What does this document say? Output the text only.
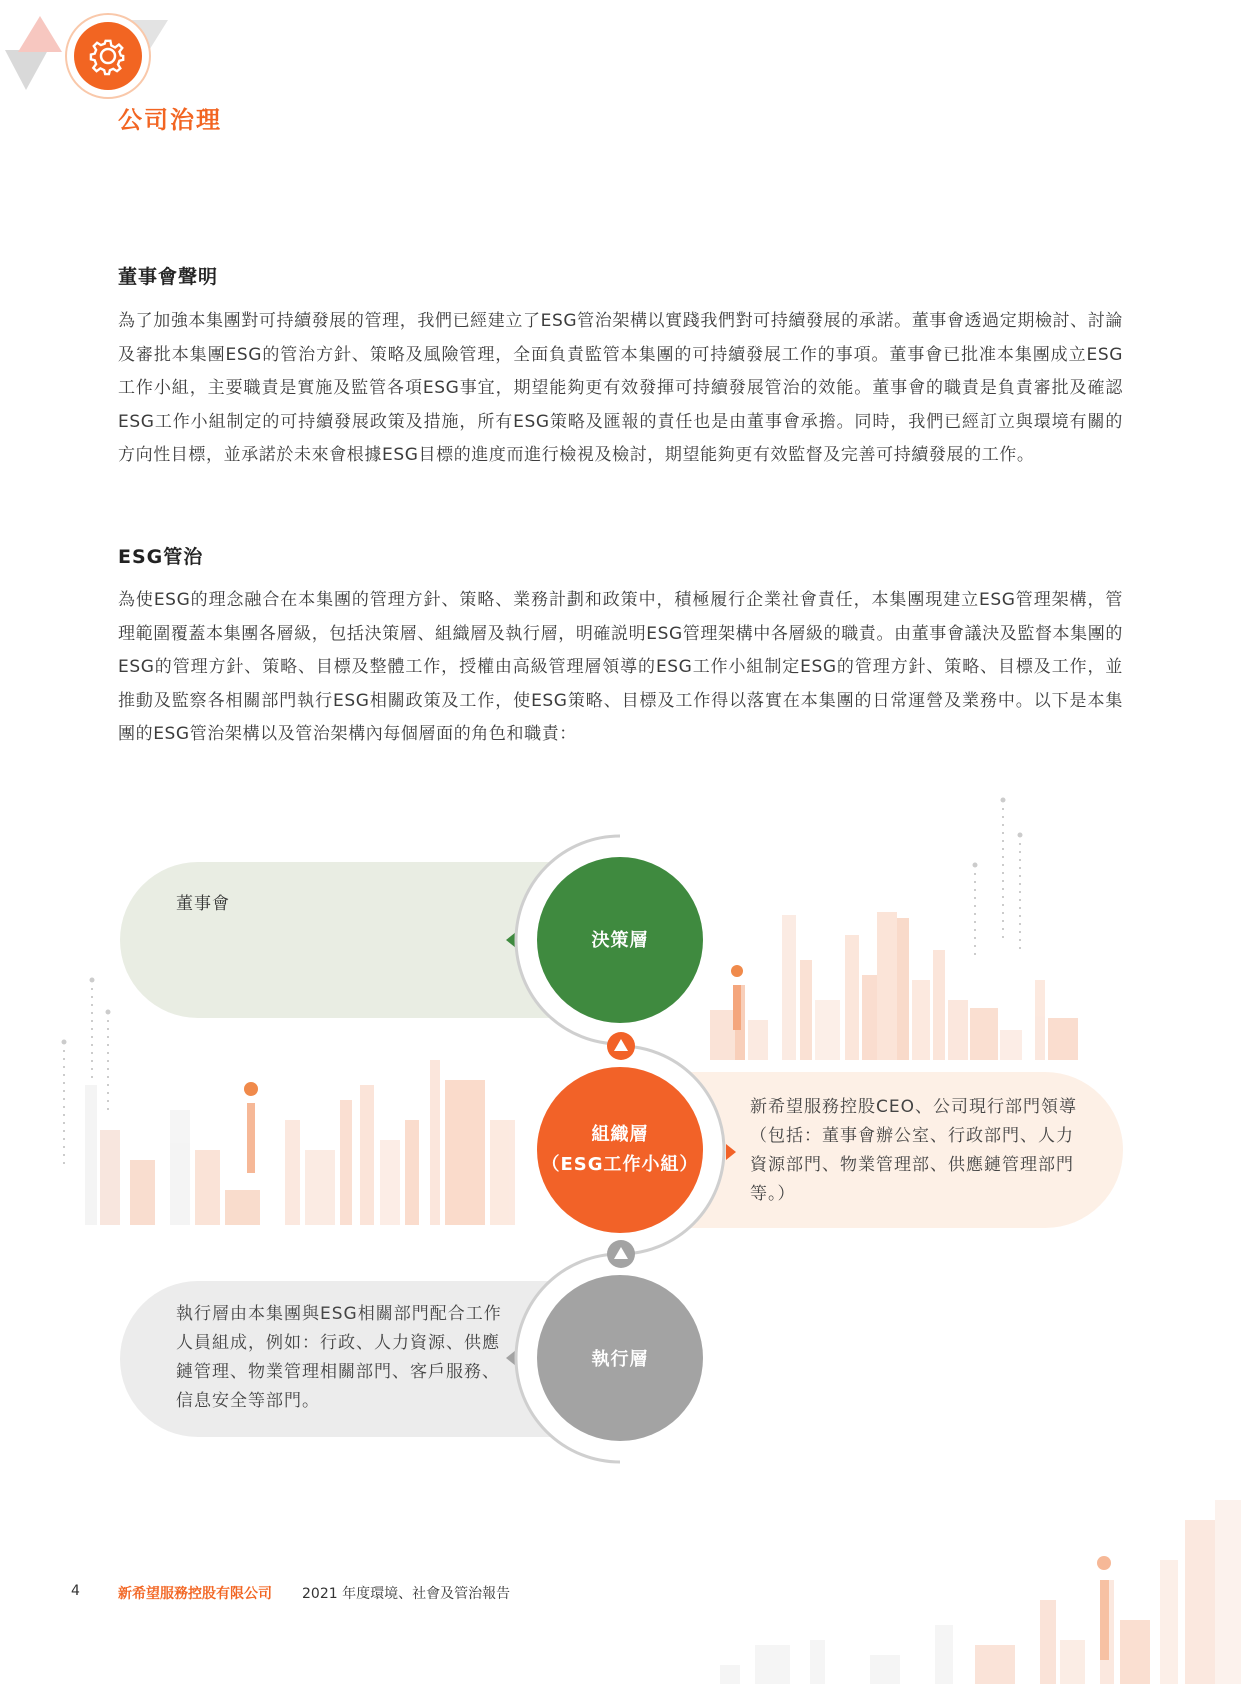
公司治理
董事會聲明
為了加強本集團對可持續發展的管理，我們已經建立了ESG管治架構以實踐我們對可持續發展的承諾。董事會透過定期檢討、討論及審批本集團ESG的管治方針、策略及風險管理，全面負責監管本集團的可持續發展工作的事項。董事會已批准本集團成立ESG工作小組，主要職責是實施及監管各項ESG事宜，期望能夠更有效發揮可持續發展管治的效能。董事會的職責是負責審批及確認ESG工作小組制定的可持續發展政策及措施，所有ESG策略及匯報的責任也是由董事會承擔。同時，我們已經訂立與環境有關的方向性目標，並承諾於未來會根據ESG目標的進度而進行檢視及檢討，期望能夠更有效監督及完善可持續發展的工作。
ESG管治
為使ESG的理念融合在本集團的管理方針、策略、業務計劃和政策中，積極履行企業社會責任，本集團現建立ESG管理架構，管理範圍覆蓋本集團各層級，包括決策層、組織層及執行層，明確説明ESG管理架構中各層級的職責。由董事會議決及監督本集團的ESG的管理方針、策略、目標及整體工作，授權由高級管理層領導的ESG工作小組制定ESG的管理方針、策略、目標及工作，並推動及監察各相關部門執行ESG相關政策及工作，使ESG策略、目標及工作得以落實在本集團的日常運營及業務中。以下是本集團的ESG管治架構以及管治架構內每個層面的角色和職責：
董事會
新希望服務控股CEO、公司現行部門領導（包括：董事會辦公室、行政部門、人力資源部門、物業管理部、供應鏈管理部門等。）
執行層由本集團與ESG相關部門配合工作人員組成，例如：行政、人力資源、供應鏈管理、物業管理相關部門、客戶服務、信息安全等部門。
決策層
組織層
（ESG工作小組）
執行層
4	新希望服務控股有限公司 2021 年度環境、社會及管治報告
